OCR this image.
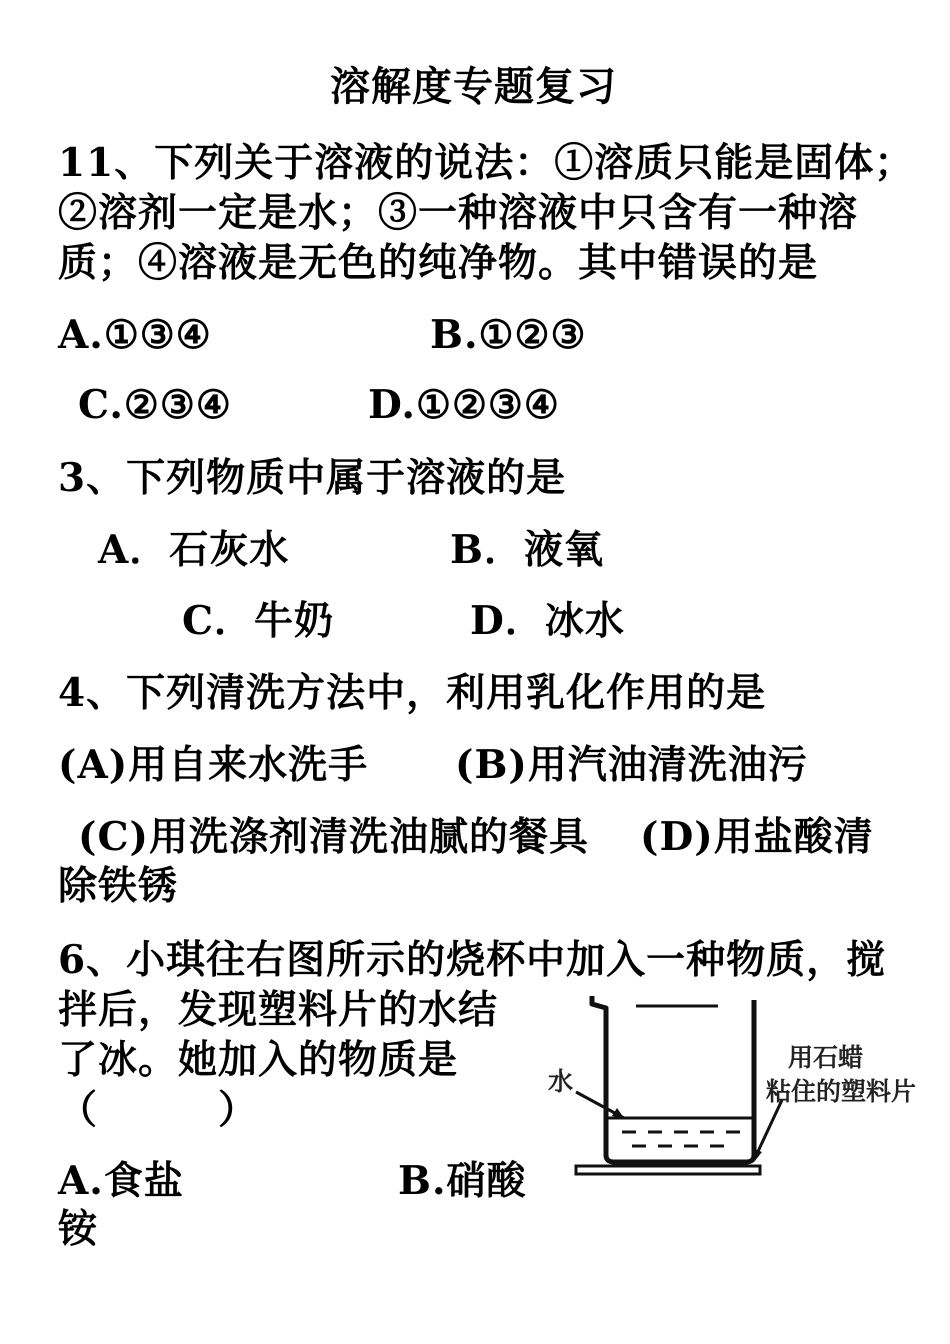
溶解度专题复习
11、下列关于溶液的说法：①溶质只能是固体；
②溶剂一定是水；③一种溶液中只含有一种溶
质；④溶液是无色的纯净物。其中错误的是
A.①③④	B.①②③
C.②③④	D.①②③④
3、下列物质中属于溶液的是
A．石灰水	B．液氧
C．牛奶	D．冰水
4、下列清洗方法中，利用乳化作用的是
(A)用自来水洗手 (B)用汽油清洗油污
(C)用洗涤剂清洗油腻的餐具 (D)用盐酸清
除铁锈
6、小琪往右图所示的烧杯中加入一种物质，搅
拌后，发现塑料片的水结
了冰。她加入的物质是
（　　　）
A.食盐	B.硝酸
铵
水
用石蜡
粘住的塑料片
